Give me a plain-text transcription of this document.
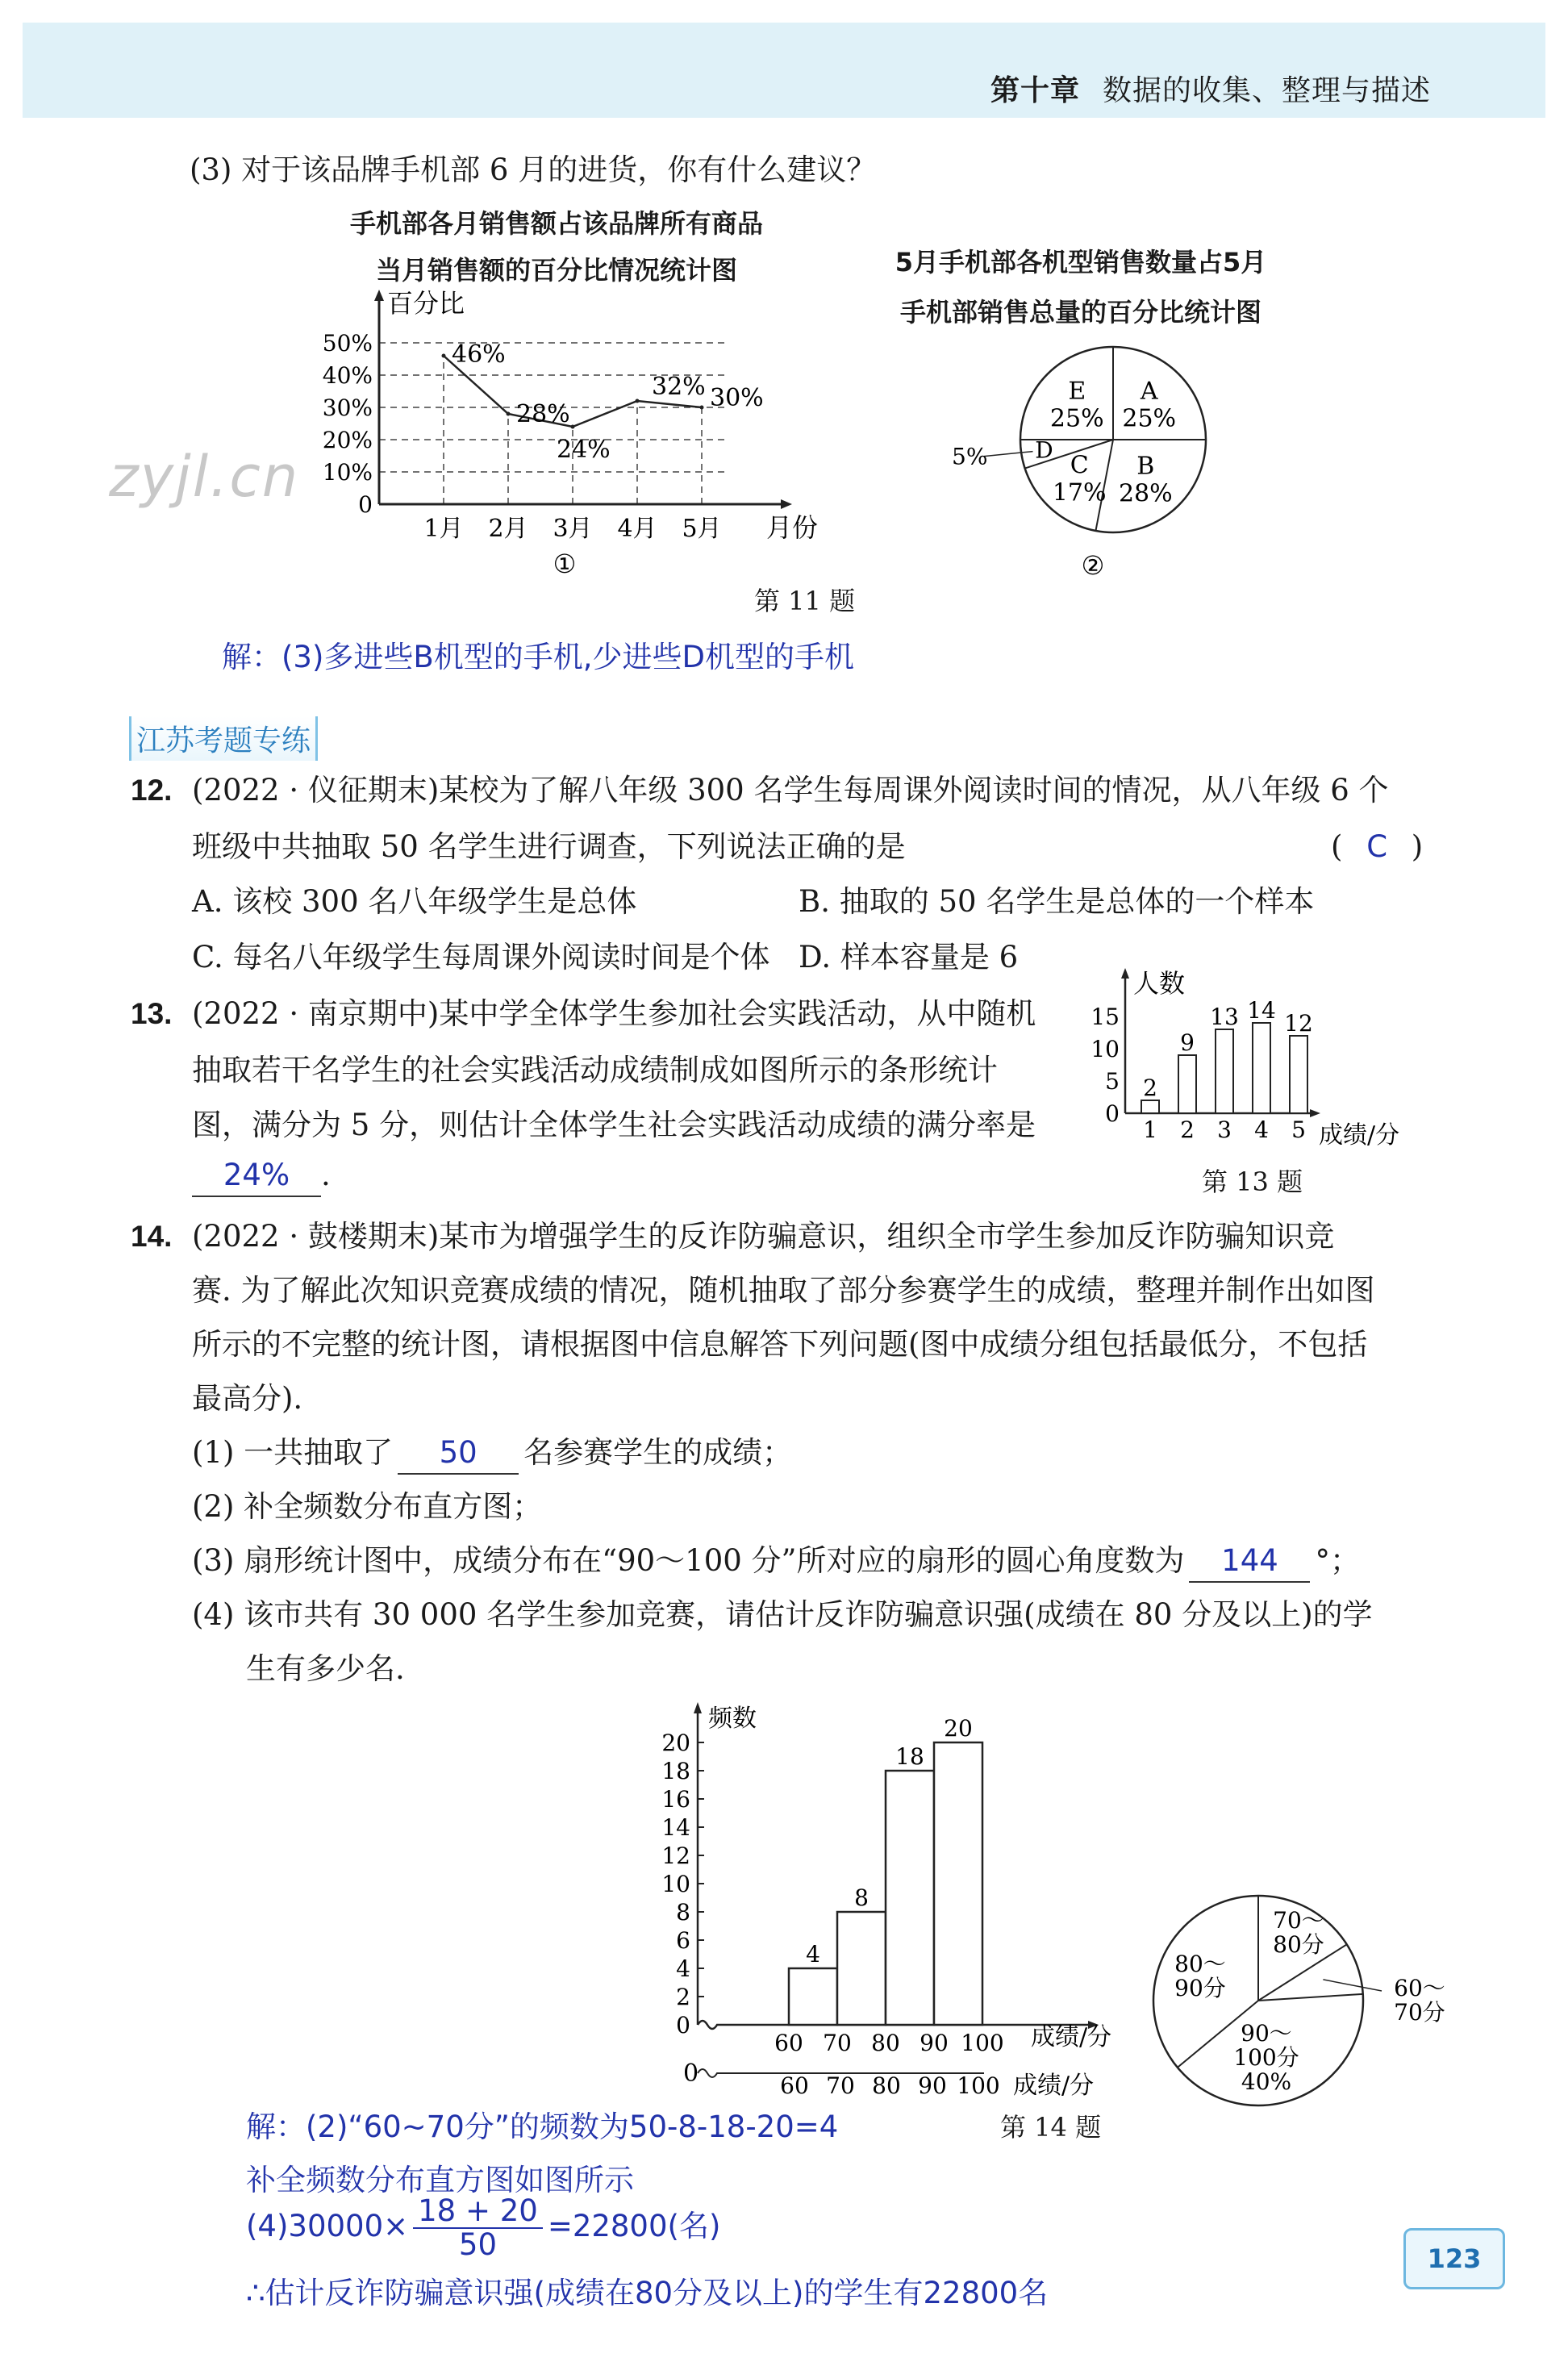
第十章 数据的收集、整理与描述
(3) 对于该品牌手机部 6 月的进货，你有什么建议？
手机部各月销售额占该品牌所有商品
当月销售额的百分比情况统计图
百分比
月份
0
10%
20%
30%
40%
50%
1月 2月 3月 4月 5月
46%
28%
24%
32% 30%
①
5月手机部各机型销售数量占5月
手机部销售总量的百分比统计图
A
25%
B
28%
C
17%
E
25%
D
5%
②
zyjl.cn
第 11 题
解：(3)多进些B机型的手机,少进些D机型的手机
江苏考题专练
12. (2022 · 仪征期末)某校为了解八年级 300 名学生每周课外阅读时间的情况，从八年级 6 个
班级中共抽取 50 名学生进行调查，下列说法正确的是	( C )
A. 该校 300 名八年级学生是总体	B. 抽取的 50 名学生是总体的一个样本
C. 每名八年级学生每周课外阅读时间是个体 D. 样本容量是 6
13. (2022 · 南京期中)某中学全体学生参加社会实践活动，从中随机
抽取若干名学生的社会实践活动成绩制成如图所示的条形统计
图，满分为 5 分，则估计全体学生社会实践活动成绩的满分率是
24% .
人数
成绩/分
0
5
10
15
2
1
9
2
13
3
14
4
12
5
第 13 题
14. (2022 · 鼓楼期末)某市为增强学生的反诈防骗意识，组织全市学生参加反诈防骗知识竞
赛. 为了解此次知识竞赛成绩的情况，随机抽取了部分参赛学生的成绩，整理并制作出如图
所示的不完整的统计图，请根据图中信息解答下列问题(图中成绩分组包括最低分，不包括
最高分).
(1) 一共抽取了 50 名参赛学生的成绩；
(2) 补全频数分布直方图；
(3) 扇形统计图中，成绩分布在“90～100 分”所对应的扇形的圆心角度数为 144 °；
(4) 该市共有 30 000 名学生参加竞赛，请估计反诈防骗意识强(成绩在 80 分及以上)的学
生有多少名.
频数
成绩/分
0
2
4
6
8
10
12
14
16
18
20
60 70 80 90 100
4
8
18
20
0	60 70 80 90 100 成绩/分
80～
90分
70～
80分
90～
100分
40%
60～
70分
第 14 题
解：(2)“60~70分”的频数为50-8-18-20=4
补全频数分布直方图如图所示
$(4)30000\times \frac{18 + 20}{50} =22800$(名)
∴估计反诈防骗意识强(成绩在80分及以上)的学生有22800名
123
